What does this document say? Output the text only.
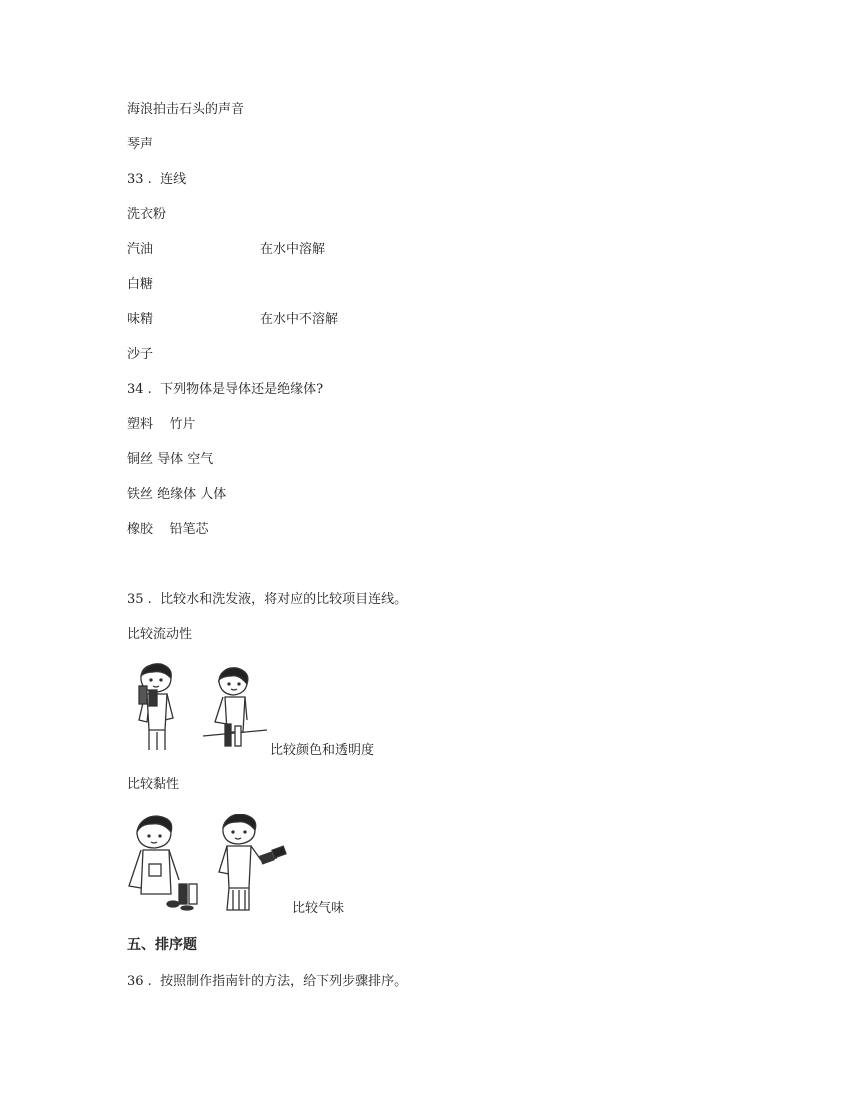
海浪拍击石头的声音
琴声
33 .  连线
洗衣粉
汽油	在水中溶解
白糖
味精	在水中不溶解
沙子
34 .  下列物体是导体还是绝缘体?
塑料    竹片
铜丝 导体 空气
铁丝 绝缘体 人体
橡胶    铅笔芯
35 .  比较水和洗发液，将对应的比较项目连线。
比较流动性
比较颜色和透明度
比较黏性
比较气味
五、排序题
36 .  按照制作指南针的方法，给下列步骤排序。
